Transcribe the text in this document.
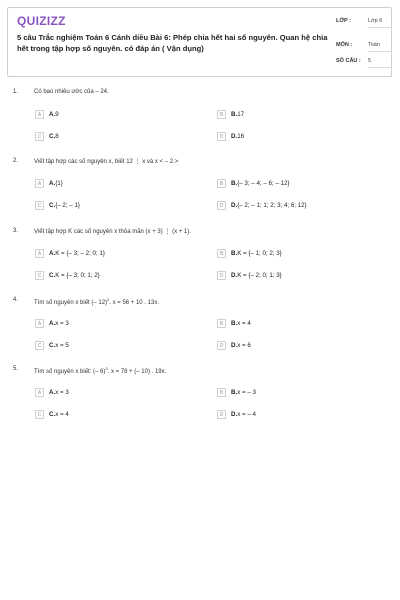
QUIZIZZ
5 câu Trắc nghiệm Toán 6 Cánh diều Bài 6: Phép chia hết hai số nguyên. Quan hệ chia hết trong tập hợp số nguyên. có đáp án ( Vận dụng)
LỚP :	Lớp 6
MÔN :	Toán
SỐ CÂU : 5
1.	Có bao nhiêu ước của – 24.
A	A. 9	B	B. 17
C	C. 8	D	D. 16
2.	Viết tập hợp các số nguyên x, biết 12 ⋮ x và x < – 2.>
A	A. {1}	B	B. {– 3; – 4; – 6; – 12}
C	C. {– 2; – 1}	D	D. {– 2; – 1; 1; 2; 3; 4; 6; 12}
3.	Viết tập hợp K các số nguyên x thỏa mãn (x + 3) ⋮ (x + 1).
A	A. K = {– 3; – 2; 0; 1}	B	B. K = {– 1; 0; 2; 3}
C	C. K = {– 3; 0; 1; 2}	D	D. K = {– 2; 0; 1; 3}
4.	Tìm số nguyên x biết (– 12)$^2$. x = 56 + 10 . 13x.
A	A. x = 3	B	B. x = 4
C	C. x = 5	D	D. x = 6
5.	Tìm số nguyên x biết: (– 6)$^3$. x = 78 + (– 10) . 19x.
A	A. x = 3	B	B. x = – 3
C	C. x = 4	D	D. x = – 4
